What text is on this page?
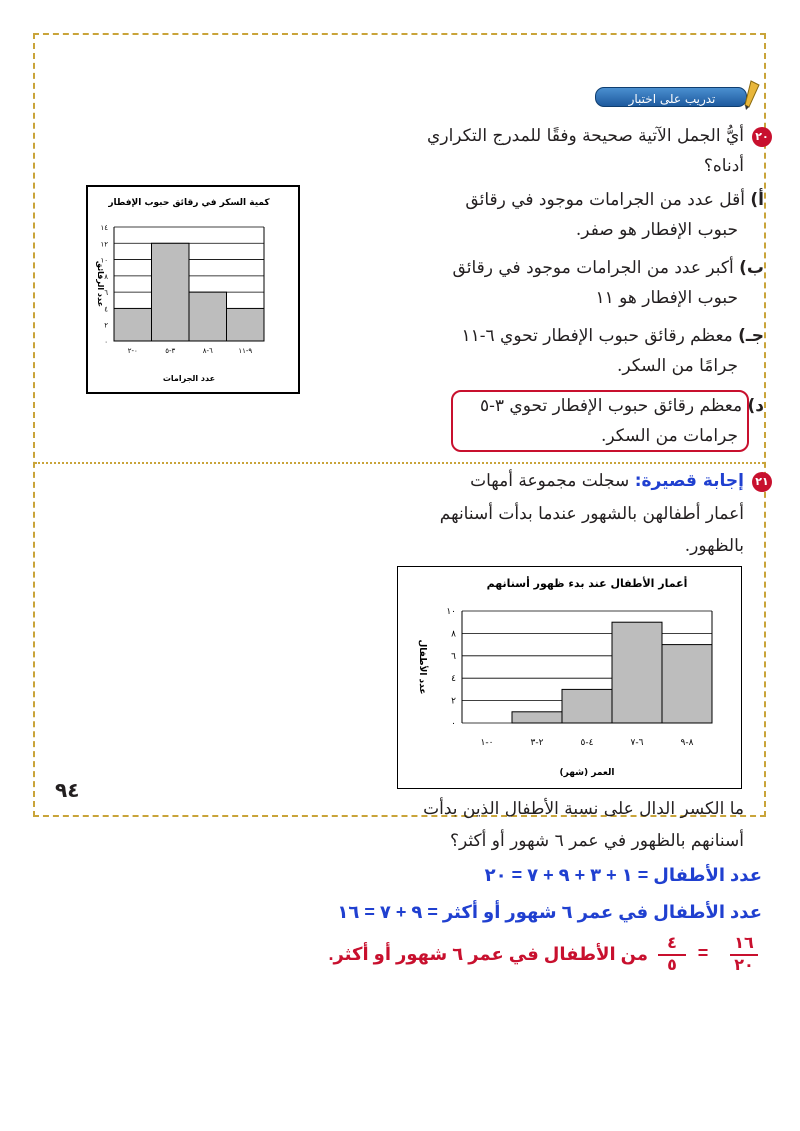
تدريب على اختبار
٢٠
أيُّ الجمل الآتية صحيحة وفقًا للمدرج التكراري
أدناه؟
أ) أقل عدد من الجرامات موجود في رقائق
حبوب الإفطار هو صفر.
ب) أكبر عدد من الجرامات موجود في رقائق
حبوب الإفطار هو ١١
جـ) معظم رقائق حبوب الإفطار تحوي ٦-١١
جرامًا من السكر.
د) معظم رقائق حبوب الإفطار تحوي ٣-٥
جرامات من السكر.
كمية السكر في رقائق حبوب الإفطار
٠
٢
٤
٦
٨
١٠
١٢
١٤
٠-٢	٣-٥	٦-٨	٩-١١
عدد الجرامات
عدد الرقائق
٢١
إجابة قصيرة: سجلت مجموعة أمهات
أعمار أطفالهن بالشهور عندما بدأت أسنانهم
بالظهور.
أعمار الأطفال عند بدء ظهور أسنانهم
٠
٢
٤
٦
٨
١٠
٠-١	٢-٣	٤-٥	٦-٧	٨-٩
العمر (شهر)
عدد الأطفال
ما الكسر الدال على نسبة الأطفال الذين بدأت
أسنانهم بالظهور في عمر ٦ شهور أو أكثر؟
عدد الأطفال = ١ + ٣ + ٩ + ٧ = ٢٠
عدد الأطفال في عمر ٦ شهور أو أكثر = ٩ + ٧ = ١٦
١٦
٢٠
=
٤
٥
من الأطفال في عمر ٦ شهور أو أكثر.
٩٤
